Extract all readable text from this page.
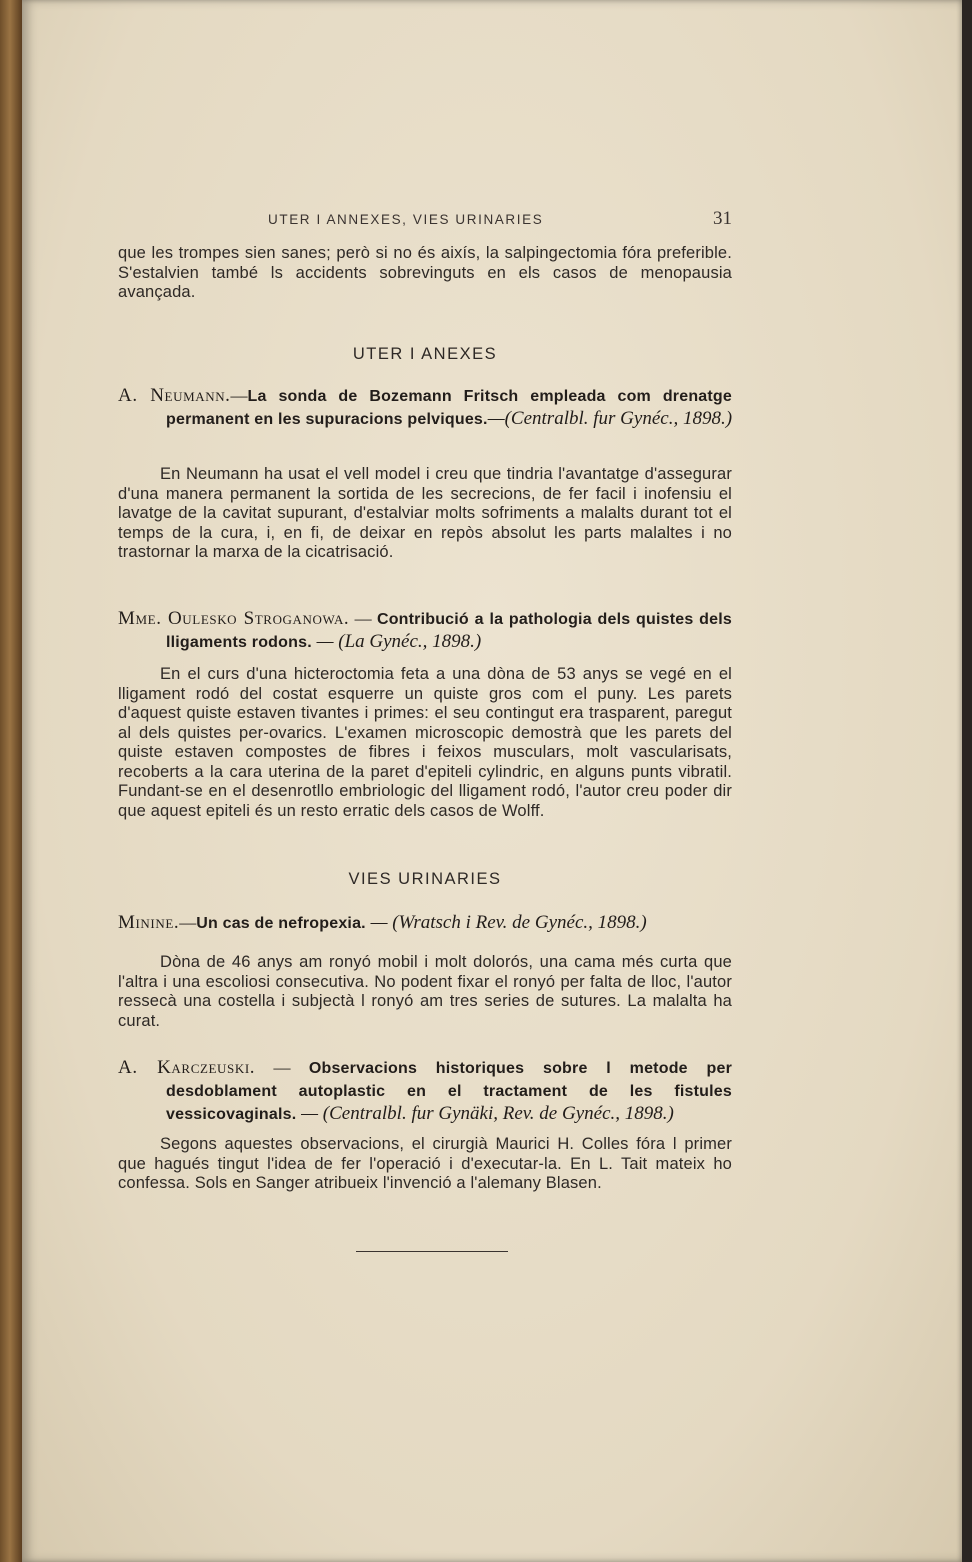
UTER I ANNEXES, VIES URINARIES	31

que les trompes sien sanes; però si no és aixís, la salpingectomia fóra preferible. S'estalvien també ls accidents sobrevinguts en els casos de menopausia avançada.

UTER I ANEXES

A. Neumann.—La sonda de Bozemann Fritsch empleada com drenatge permanent en les supuracions pelviques.—(Centralbl. fur Gynéc., 1898.)

En Neumann ha usat el vell model i creu que tindria l'avantatge d'assegurar d'una manera permanent la sortida de les secrecions, de fer facil i inofensiu el lavatge de la cavitat supurant, d'estalviar molts sofriments a malalts durant tot el temps de la cura, i, en fi, de deixar en repòs absolut les parts malaltes i no trastornar la marxa de la cicatrisació.

Mme. Oulesko Stroganowa. — Contribució a la pathologia dels quistes dels lligaments rodons. — (La Gynéc., 1898.)

En el curs d'una hicteroctomia feta a una dòna de 53 anys se vegé en el lligament rodó del costat esquerre un quiste gros com el puny. Les parets d'aquest quiste estaven tivantes i primes: el seu contingut era trasparent, paregut al dels quistes per-ovarics. L'examen microscopic demostrà que les parets del quiste estaven compostes de fibres i feixos musculars, molt vascularisats, recoberts a la cara uterina de la paret d'epiteli cylindric, en alguns punts vibratil. Fundant-se en el desenrotllo embriologic del lligament rodó, l'autor creu poder dir que aquest epiteli és un resto erratic dels casos de Wolff.

VIES URINARIES

Minine.—Un cas de nefropexia. — (Wratsch i Rev. de Gynéc., 1898.)

Dòna de 46 anys am ronyó mobil i molt dolorós, una cama més curta que l'altra i una escoliosi consecutiva. No podent fixar el ronyó per falta de lloc, l'autor ressecà una costella i subjectà l ronyó am tres series de sutures. La malalta ha curat.

A. Karczeuski. — Observacions historiques sobre l metode per desdoblament autoplastic en el tractament de les fistules vessicovaginals. — (Centralbl. fur Gynäki, Rev. de Gynéc., 1898.)

Segons aquestes observacions, el cirurgià Maurici H. Colles fóra l primer que hagués tingut l'idea de fer l'operació i d'executar-la. En L. Tait mateix ho confessa. Sols en Sanger atribueix l'invenció a l'alemany Blasen.
